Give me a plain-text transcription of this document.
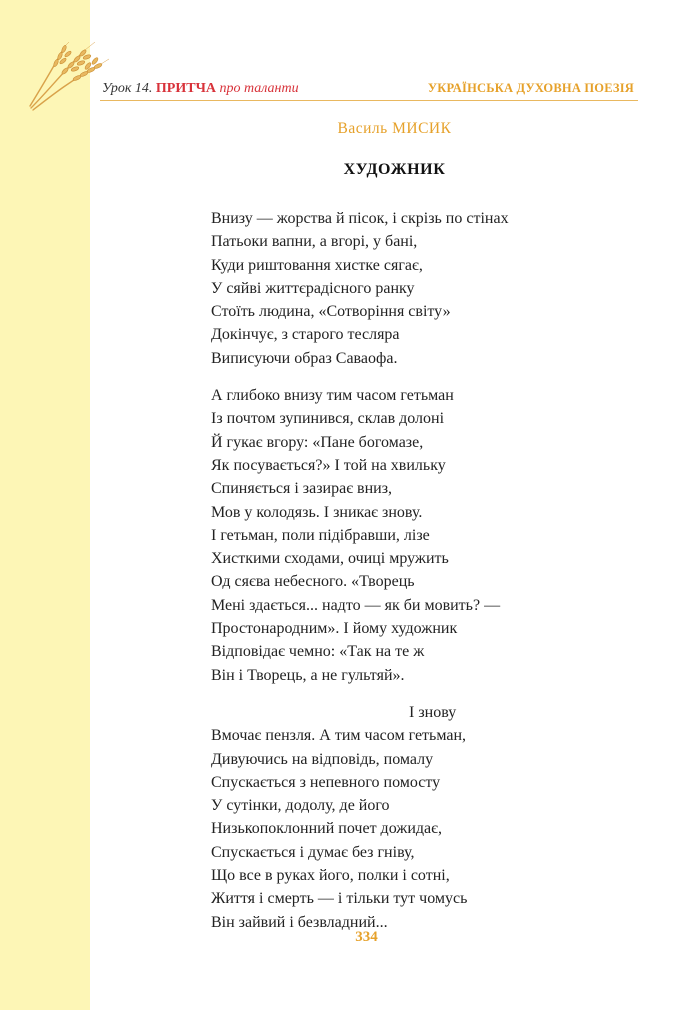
Урок 14. ПРИТЧА про таланти	УКРАЇНСЬКА ДУХОВНА ПОЕЗІЯ
Василь МИСИК
ХУДОЖНИК
Внизу — жорства й пісок, і скрізь по стінах
Патьоки вапни, а вгорі, у бані,
Куди риштовання хистке сягає,
У сяйві життєрадісного ранку
Стоїть людина, «Сотворіння світу»
Докінчує, з старого тесляра
Виписуючи образ Саваофа.
А глибоко внизу тим часом гетьман
Із почтом зупинився, склав долоні
Й гукає вгору: «Пане богомазе,
Як посувається?» І той на хвильку
Спиняється і зазирає вниз,
Мов у колодязь. І зникає знову.
І гетьман, поли підібравши, лізе
Хисткими сходами, очиці мружить
Од сяєва небесного. «Творець
Мені здається... надто — як би мовить? —
Простонародним». І йому художник
Відповідає чемно: «Так на те ж
Він і Творець, а не гультяй».
І знову
Вмочає пензля. А тим часом гетьман,
Дивуючись на відповідь, помалу
Спускається з непевного помосту
У сутінки, додолу, де його
Низькопоклонний почет дожидає,
Спускається і думає без гніву,
Що все в руках його, полки і сотні,
Життя і смерть — і тільки тут чомусь
Він зайвий і безвладний...
334
